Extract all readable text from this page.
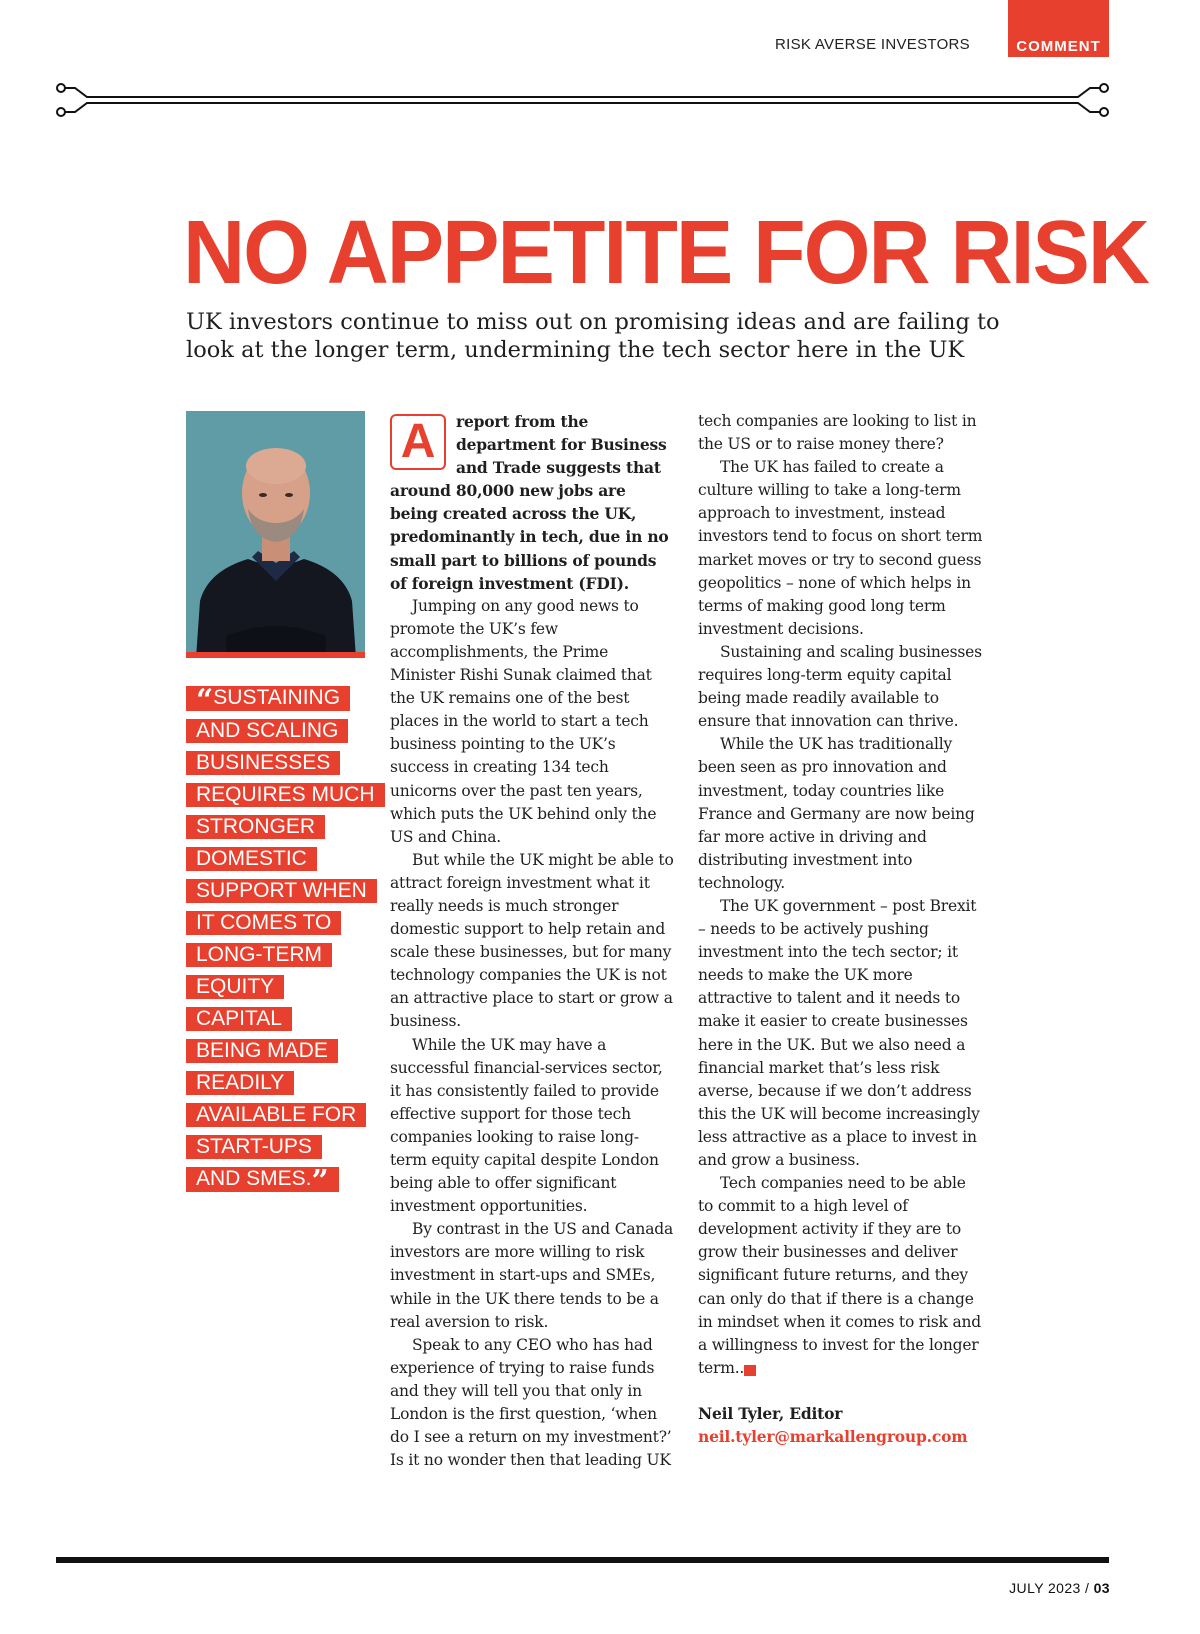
RISK AVERSE INVESTORS	COMMENT
NO APPETITE FOR RISK

UK investors continue to miss out on promising ideas and are failing to look at the longer term, undermining the tech sector here in the UK

“SUSTAINING
AND SCALING
BUSINESSES
REQUIRES MUCH
STRONGER
DOMESTIC
SUPPORT WHEN
IT COMES TO
LONG-TERM
EQUITY
CAPITAL
BEING MADE
READILY
AVAILABLE FOR
START-UPS
AND SMES.”
A	report from the department for Business and Trade suggests that around 80,000 new jobs are being created across the UK, predominantly in tech, due in no small part to billions of pounds of foreign investment (FDI).

Jumping on any good news to promote the UK’s few accomplishments, the Prime Minister Rishi Sunak claimed that the UK remains one of the best places in the world to start a tech business pointing to the UK’s success in creating 134 tech unicorns over the past ten years, which puts the UK behind only the US and China.

But while the UK might be able to attract foreign investment what it really needs is much stronger domestic support to help retain and scale these businesses, but for many technology companies the UK is not an attractive place to start or grow a business.

While the UK may have a successful financial-services sector, it has consistently failed to provide effective support for those tech companies looking to raise long-term equity capital despite London being able to offer significant investment opportunities.

By contrast in the US and Canada investors are more willing to risk investment in start-ups and SMEs, while in the UK there tends to be a real aversion to risk.

Speak to any CEO who has had experience of trying to raise funds and they will tell you that only in London is the first question, ‘when do I see a return on my investment?’ Is it no wonder then that leading UK

tech companies are looking to list in the US or to raise money there?

The UK has failed to create a culture willing to take a long-term approach to investment, instead investors tend to focus on short term market moves or try to second guess geopolitics – none of which helps in terms of making good long term investment decisions.

Sustaining and scaling businesses requires long-term equity capital being made readily available to ensure that innovation can thrive.

While the UK has traditionally been seen as pro innovation and investment, today countries like France and Germany are now being far more active in driving and distributing investment into technology.

The UK government – post Brexit – needs to be actively pushing investment into the tech sector; it needs to make the UK more attractive to talent and it needs to make it easier to create businesses here in the UK. But we also need a financial market that’s less risk averse, because if we don’t address this the UK will become increasingly less attractive as a place to invest in and grow a business.

Tech companies need to be able to commit to a high level of development activity if they are to grow their businesses and deliver significant future returns, and they can only do that if there is a change in mindset when it comes to risk and a willingness to invest for the longer term..	NE

Neil Tyler, Editor

neil.tyler@markallengroup.com

JULY 2023 / 03
